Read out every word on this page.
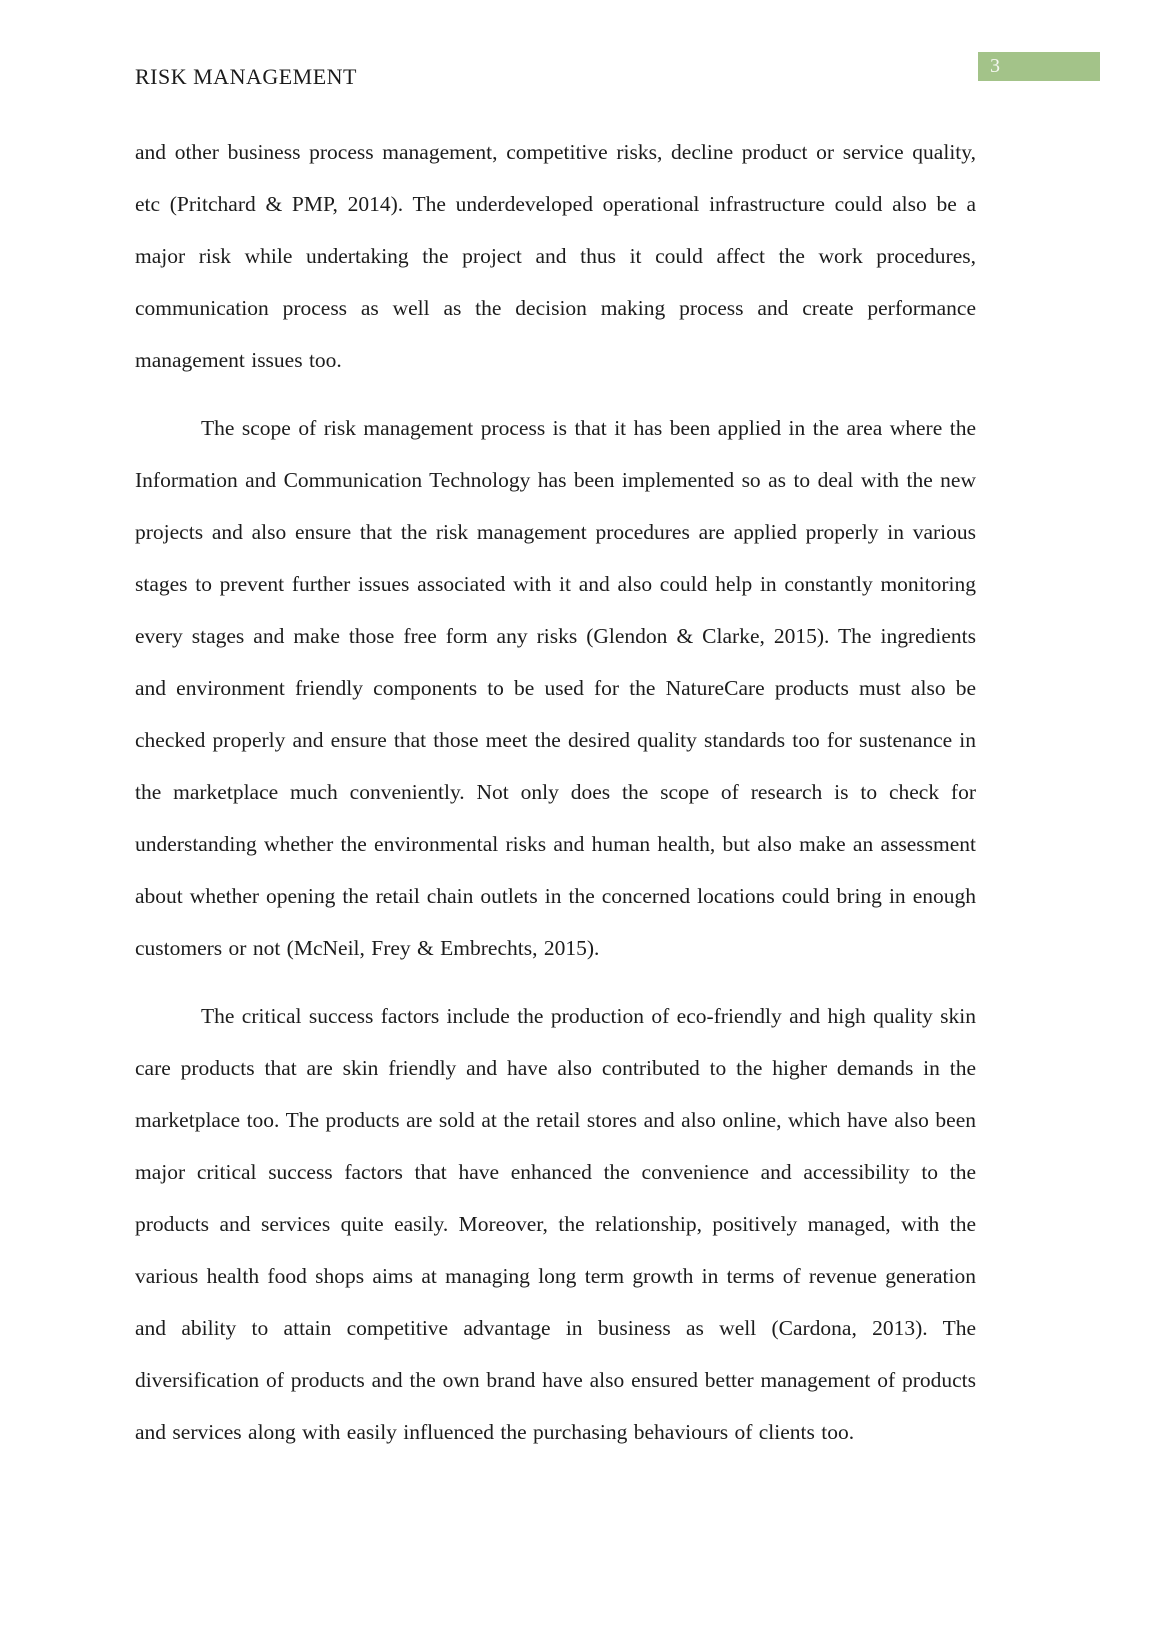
RISK MANAGEMENT	3

and other business process management, competitive risks, decline product or service quality, etc (Pritchard & PMP, 2014). The underdeveloped operational infrastructure could also be a major risk while undertaking the project and thus it could affect the work procedures, communication process as well as the decision making process and create performance management issues too.

The scope of risk management process is that it has been applied in the area where the Information and Communication Technology has been implemented so as to deal with the new projects and also ensure that the risk management procedures are applied properly in various stages to prevent further issues associated with it and also could help in constantly monitoring every stages and make those free form any risks (Glendon & Clarke, 2015). The ingredients and environment friendly components to be used for the NatureCare products must also be checked properly and ensure that those meet the desired quality standards too for sustenance in the marketplace much conveniently. Not only does the scope of research is to check for understanding whether the environmental risks and human health, but also make an assessment about whether opening the retail chain outlets in the concerned locations could bring in enough customers or not (McNeil, Frey & Embrechts, 2015).

The critical success factors include the production of eco-friendly and high quality skin care products that are skin friendly and have also contributed to the higher demands in the marketplace too. The products are sold at the retail stores and also online, which have also been major critical success factors that have enhanced the convenience and accessibility to the products and services quite easily. Moreover, the relationship, positively managed, with the various health food shops aims at managing long term growth in terms of revenue generation and ability to attain competitive advantage in business as well (Cardona, 2013). The diversification of products and the own brand have also ensured better management of products and services along with easily influenced the purchasing behaviours of clients too.
